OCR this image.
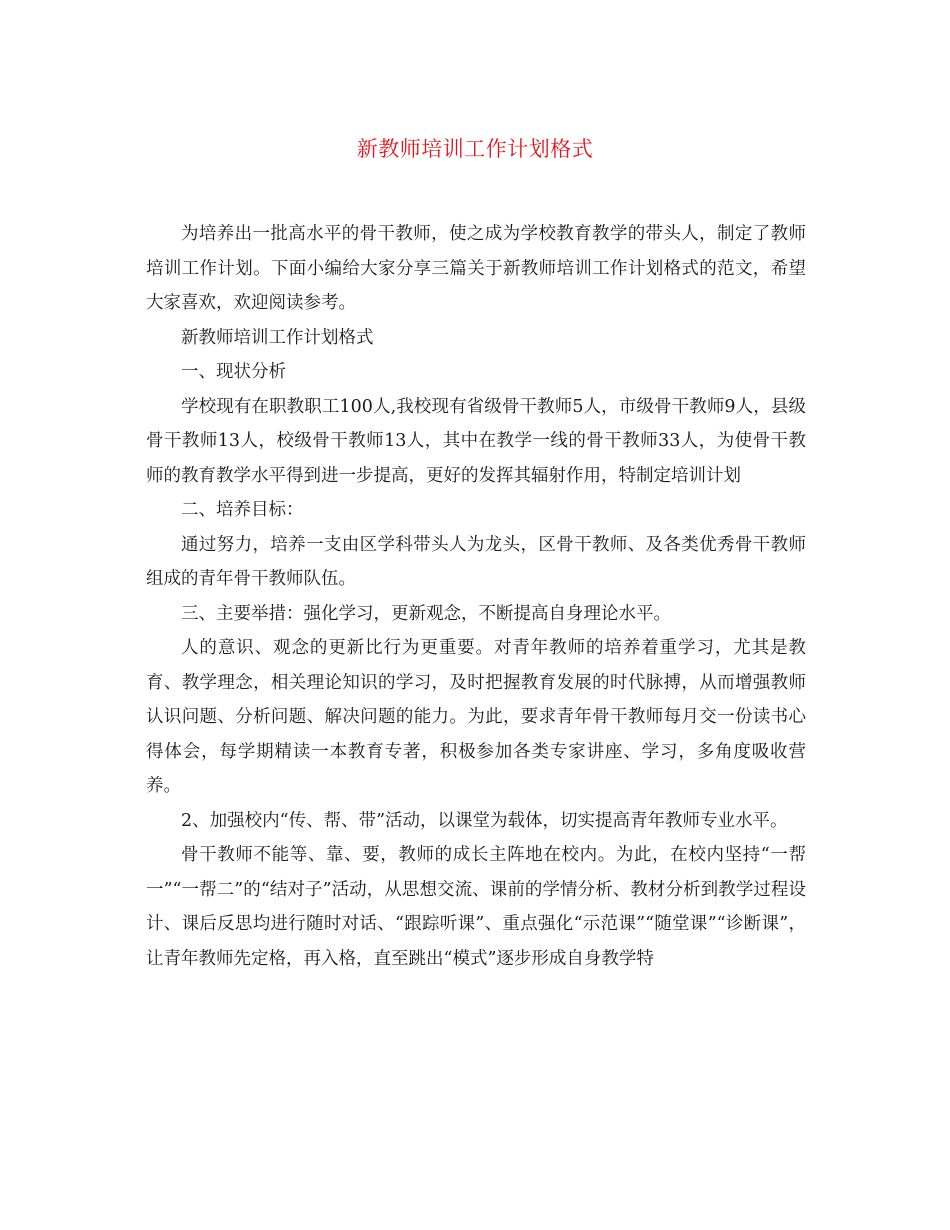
新教师培训工作计划格式

为培养出一批高水平的骨干教师，使之成为学校教育教学的带头人，制定了教师培训工作计划。下面小编给大家分享三篇关于新教师培训工作计划格式的范文，希望大家喜欢，欢迎阅读参考。

新教师培训工作计划格式

一、现状分析

学校现有在职教职工100人,我校现有省级骨干教师5人，市级骨干教师9人，县级骨干教师13人，校级骨干教师13人，其中在教学一线的骨干教师33人，为使骨干教师的教育教学水平得到进一步提高，更好的发挥其辐射作用，特制定培训计划

二、培养目标：

通过努力，培养一支由区学科带头人为龙头，区骨干教师、及各类优秀骨干教师组成的青年骨干教师队伍。

三、主要举措：强化学习，更新观念，不断提高自身理论水平。

人的意识、观念的更新比行为更重要。对青年教师的培养着重学习，尤其是教育、教学理念，相关理论知识的学习，及时把握教育发展的时代脉搏，从而增强教师认识问题、分析问题、解决问题的能力。为此，要求青年骨干教师每月交一份读书心得体会，每学期精读一本教育专著，积极参加各类专家讲座、学习，多角度吸收营养。

2、加强校内“传、帮、带”活动，以课堂为载体，切实提高青年教师专业水平。

骨干教师不能等、靠、要，教师的成长主阵地在校内。为此，在校内坚持“一帮一”“一帮二”的“结对子”活动，从思想交流、课前的学情分析、教材分析到教学过程设计、课后反思均进行随时对话、“跟踪听课”、重点强化“示范课”“随堂课”“诊断课”，让青年教师先定格，再入格，直至跳出“模式”逐步形成自身教学特
